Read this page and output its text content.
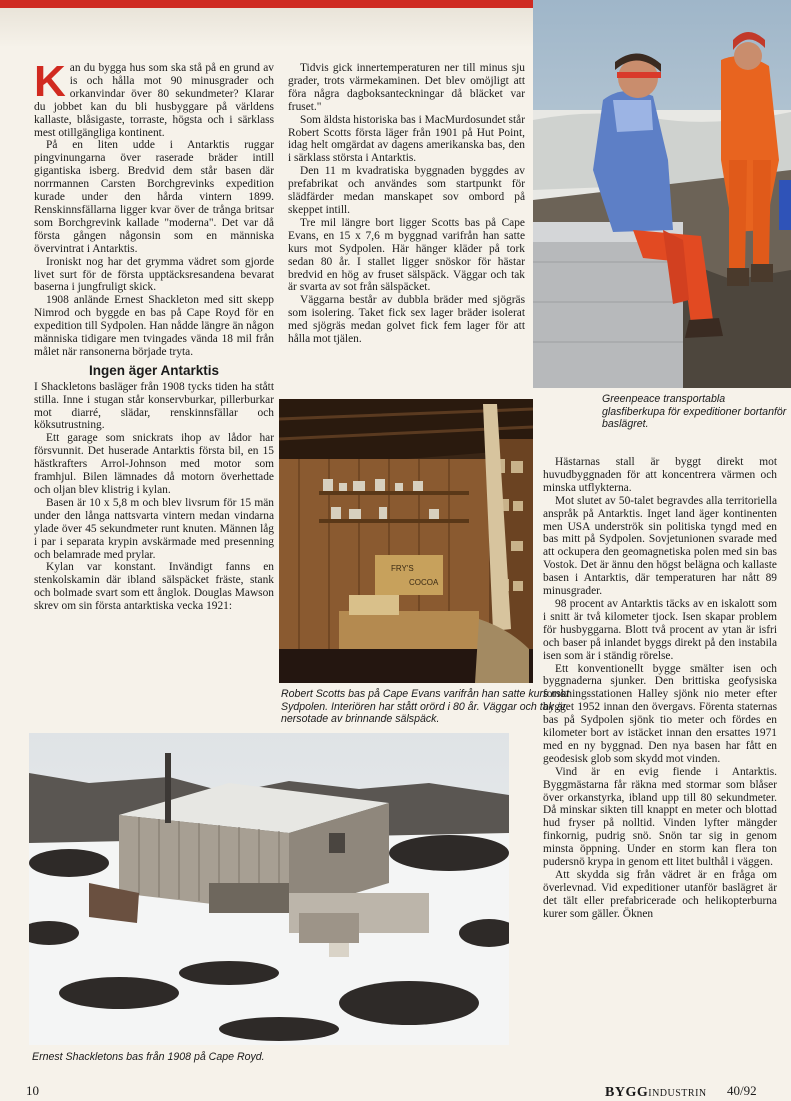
Kan du bygga hus som ska stå på en grund av is och hålla mot 90 minusgrader och orkanvindar över 80 sekundmeter? Klarar du jobbet kan du bli husbyggare på världens kallaste, blåsigaste, torraste, högsta och i särklass mest otillgängliga kontinent.

På en liten udde i Antarktis ruggar pingvinungarna över raserade bräder intill gigantiska isberg. Bredvid dem står basen där norrmannen Carsten Borchgrevinks expedition kurade under den hårda vintern 1899. Renskinnsfällarna ligger kvar över de trånga britsar som Borchgrevink kallade "moderna". Det var då första gången någonsin som en människa övervintrat i Antarktis.

Ironiskt nog har det grymma vädret som gjorde livet surt för de första upptäcksresandena bevarat baserna i jungfruligt skick.

1908 anlände Ernest Shackleton med sitt skepp Nimrod och byggde en bas på Cape Royd för en expedition till Sydpolen. Han nådde längre än någon människa tidigare men tvingades vända 18 mil från målet när ransonerna började tryta.

Ingen äger Antarktis

I Shackletons basläger från 1908 tycks tiden ha stått stilla. Inne i stugan står konservburkar, pillerburkar mot diarré, slädar, renskinnsfällar och köksutrustning.

Ett garage som snickrats ihop av lådor har försvunnit. Det huserade Antarktis första bil, en 15 hästkrafters Arrol-Johnson med motor som framhjul. Bilen lämnades då motorn överhettade och oljan blev klistrig i kylan.

Basen är 10 x 5,8 m och blev livsrum för 15 män under den långa nattsvarta vintern medan vindarna ylade över 45 sekundmeter runt knuten. Männen låg i par i separata krypin avskärmade med presenning och belamrade med prylar.

Kylan var konstant. Invändigt fanns en stenkolskamin där ibland sälspäcket fräste, stank och bolmade svart som ett ånglok. Douglas Mawson skrev om sin första antarktiska vecka 1921:

Tidvis gick innertemperaturen ner till minus sju grader, trots värmekaminen. Det blev omöjligt att föra några dagboksanteckningar då bläcket var fruset."

Som äldsta historiska bas i MacMurdosundet står Robert Scotts första läger från 1901 på Hut Point, idag helt omgärdat av dagens amerikanska bas, den i särklass största i Antarktis.

Den 11 m kvadratiska byggnaden byggdes av prefabrikat och användes som startpunkt för slädfärder medan manskapet sov ombord på skeppet intill.

Tre mil längre bort ligger Scotts bas på Cape Evans, en 15 x 7,6 m byggnad varifrån han satte kurs mot Sydpolen. Här hänger kläder på tork sedan 80 år. I stallet ligger snöskor för hästar bredvid en hög av fruset sälspäck. Väggar och tak är svarta av sot från sälspäcket.

Väggarna består av dubbla bräder med sjögräs som isolering. Taket fick sex lager bräder isolerat med sjögräs medan golvet fick fem lager för att hålla mot tjälen.

Hästarnas stall är byggt direkt mot huvudbyggnaden för att koncentrera värmen och minska utflykterna.

Mot slutet av 50-talet begravdes alla territoriella anspråk på Antarktis. Inget land äger kontinenten men USA underströk sin politiska tyngd med en bas mitt på Sydpolen. Sovjetunionen svarade med att ockupera den geomagnetiska polen med sin bas Vostok. Det är ännu den högst belägna och kallaste basen i Antarktis, där temperaturen har nått 89 minusgrader.

98 procent av Antarktis täcks av en iskalott som i snitt är två kilometer tjock. Isen skapar problem för husbyggarna. Blott två procent av ytan är isfri och baser på inlandet byggs direkt på den instabila isen som är i ständig rörelse.

Ett konventionellt bygge smälter isen och byggnaderna sjunker. Den brittiska geofysiska forskningsstationen Halley sjönk nio meter efter bygget 1952 innan den övergavs. Förenta staternas bas på Sydpolen sjönk tio meter och fördes en kilometer bort av istäcket innan den ersattes 1971 med en ny byggnad. Den nya basen har fått en geodesisk glob som skydd mot vinden.

Vind är en evig fiende i Antarktis. Byggmästarna får räkna med stormar som blåser över orkanstyrka, ibland upp till 80 sekundmeter. Då minskar sikten till knappt en meter och blottad hud fryser på nolltid. Vinden lyfter mängder finkornig, pudrig snö. Snön tar sig in genom minsta öppning. Under en storm kan flera ton pudersnö krypa in genom ett litet bulthål i väggen.

Att skydda sig från vädret är en fråga om överlevnad. Vid expeditioner utanför baslägret är det tält eller prefabricerade och helikopterburna kurer som gäller. Öknen

Greenpeace transportabla glasfiberkupa för expeditioner bortanför baslägret.
FRY'S
COCOA
Robert Scotts bas på Cape Evans varifrån han satte kurs mot Sydpolen. Interiören har stått orörd i 80 år. Väggar och tak är nersotade av brinnande sälspäck.
Ernest Shackletons bas från 1908 på Cape Royd.
10	BYGGINDUSTRIN 40/92
